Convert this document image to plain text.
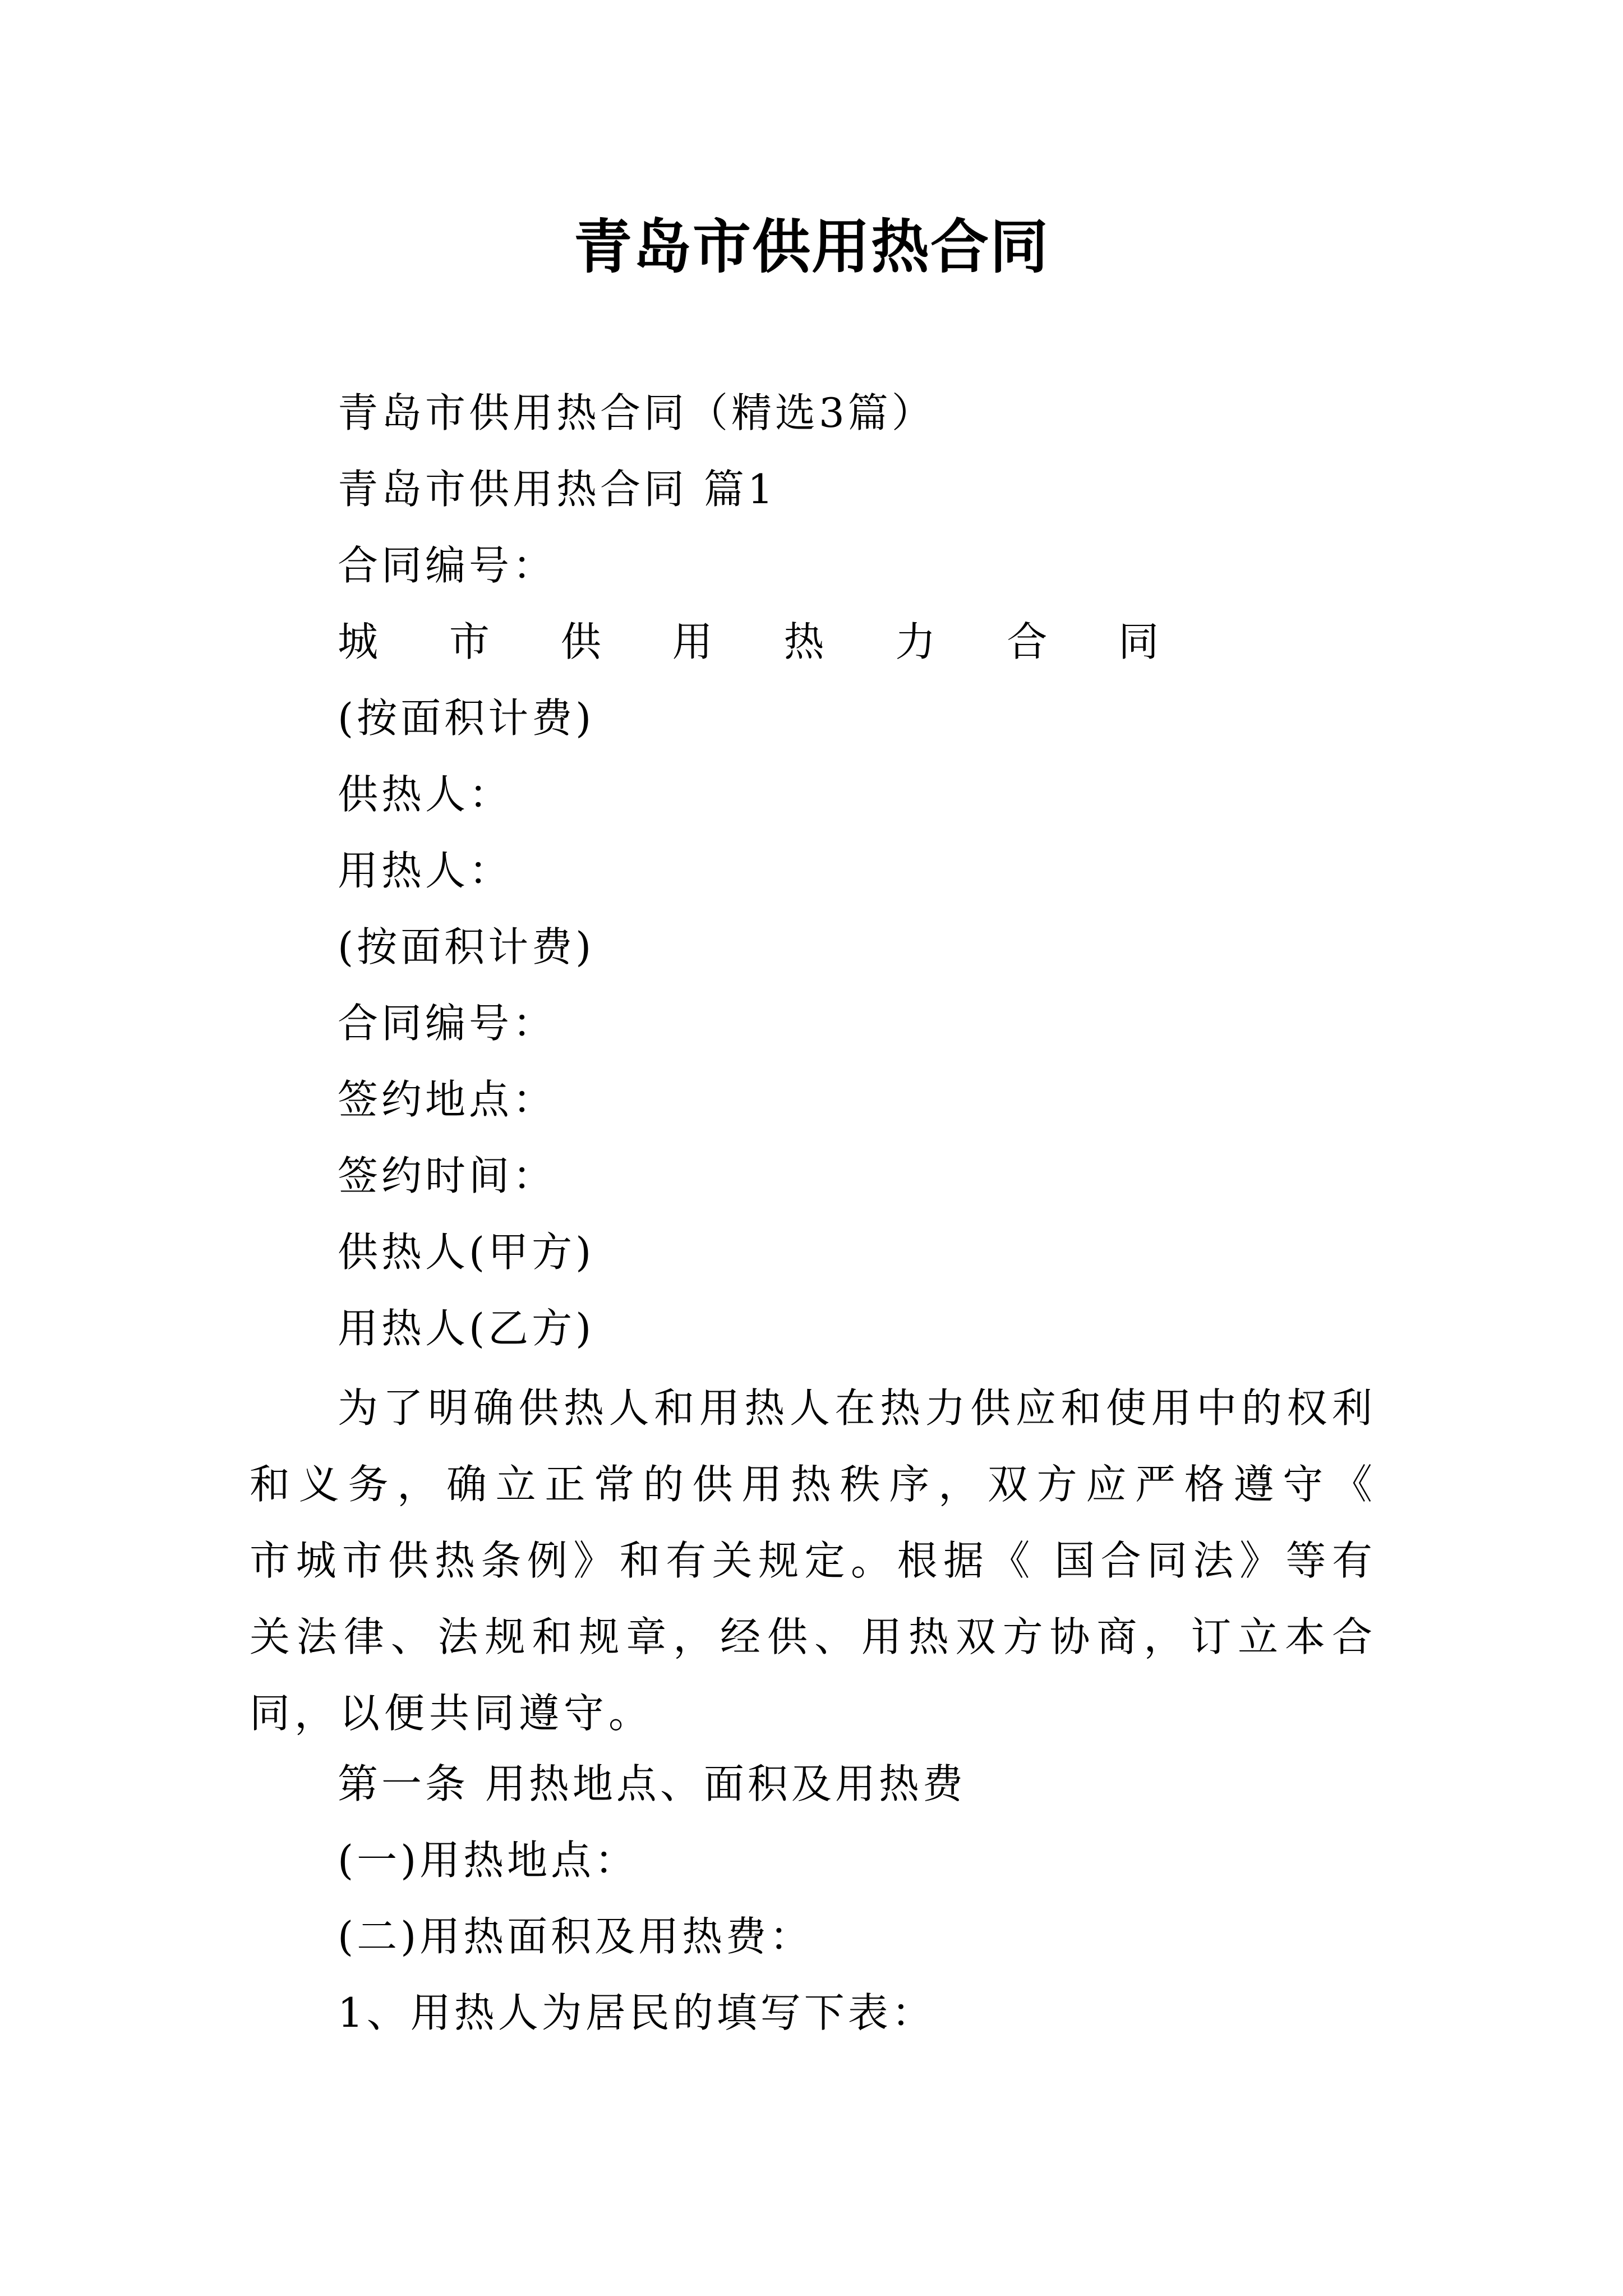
青岛市供用热合同
青岛市供用热合同（精选3篇）
青岛市供用热合同 篇1
合同编号：
城 市 供 用 热 力 合 同
(按面积计费)
供热人：
用热人：
(按面积计费)
合同编号：
签约地点：
签约时间：
供热人(甲方)
用热人(乙方)

为了明确供热人和用热人在热力供应和使用中的权利和义务，确立正常的供用热秩序，双方应严格遵守《　 市城市供热条例》和有关规定。根据《 国合同法》等有关法律、法规和规章，经供、用热双方协商，订立本合同，以便共同遵守。

第一条 用热地点、面积及用热费
(一)用热地点：
(二)用热面积及用热费：
1、用热人为居民的填写下表：
